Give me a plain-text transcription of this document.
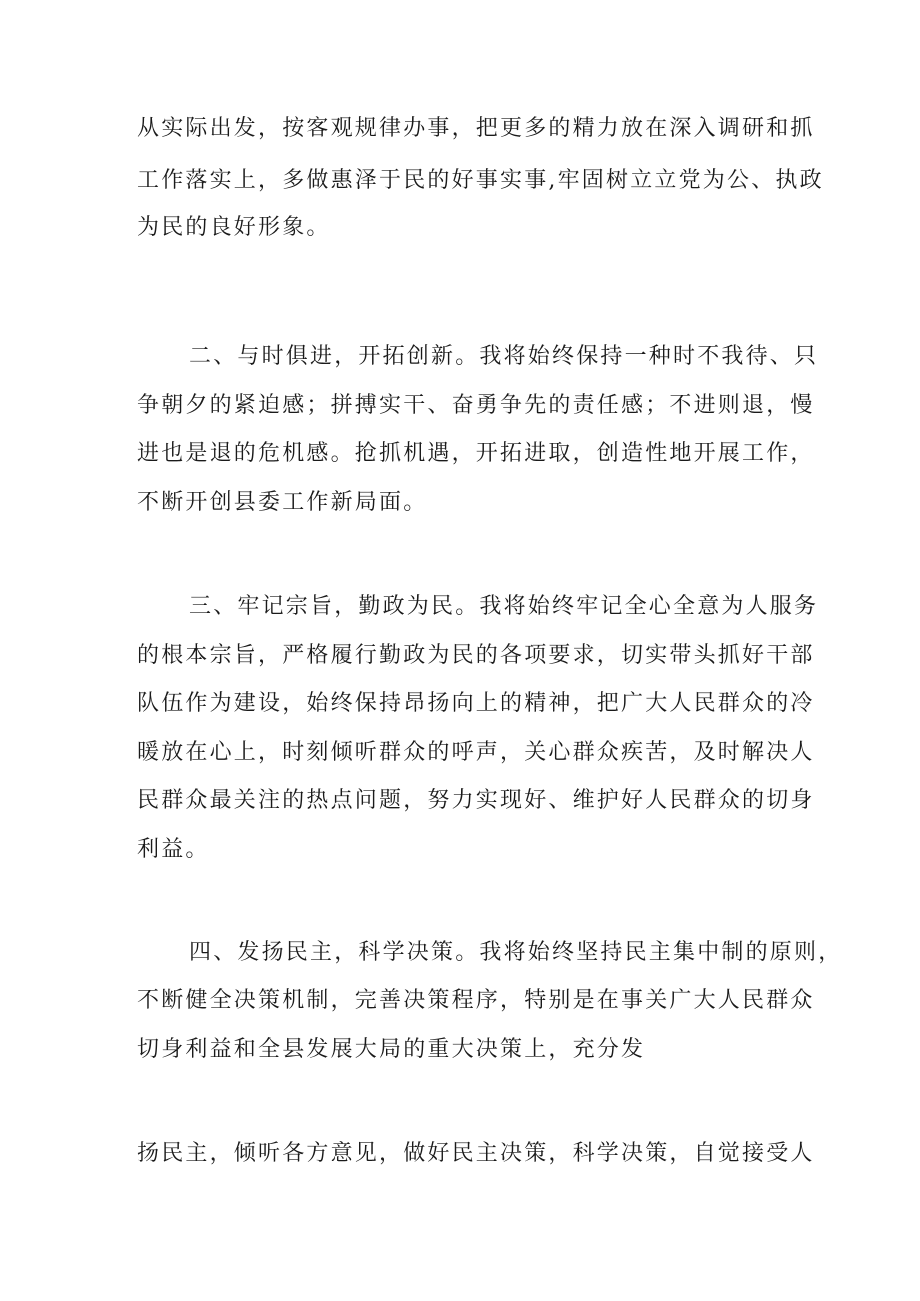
从实际出发，按客观规律办事，把更多的精力放在深入调研和抓
工作落实上，多做惠泽于民的好事实事,牢固树立立党为公、执政
为民的良好形象。
二、与时俱进，开拓创新。我将始终保持一种时不我待、只
争朝夕的紧迫感；拼搏实干、奋勇争先的责任感；不进则退，慢
进也是退的危机感。抢抓机遇，开拓进取，创造性地开展工作，
不断开创县委工作新局面。
三、牢记宗旨，勤政为民。我将始终牢记全心全意为人服务
的根本宗旨，严格履行勤政为民的各项要求，切实带头抓好干部
队伍作为建设，始终保持昂扬向上的精神，把广大人民群众的冷
暖放在心上，时刻倾听群众的呼声，关心群众疾苦，及时解决人
民群众最关注的热点问题，努力实现好、维护好人民群众的切身
利益。
四、发扬民主，科学决策。我将始终坚持民主集中制的原则，
不断健全决策机制，完善决策程序，特别是在事关广大人民群众
切身利益和全县发展大局的重大决策上，充分发
扬民主，倾听各方意见，做好民主决策，科学决策，自觉接受人
